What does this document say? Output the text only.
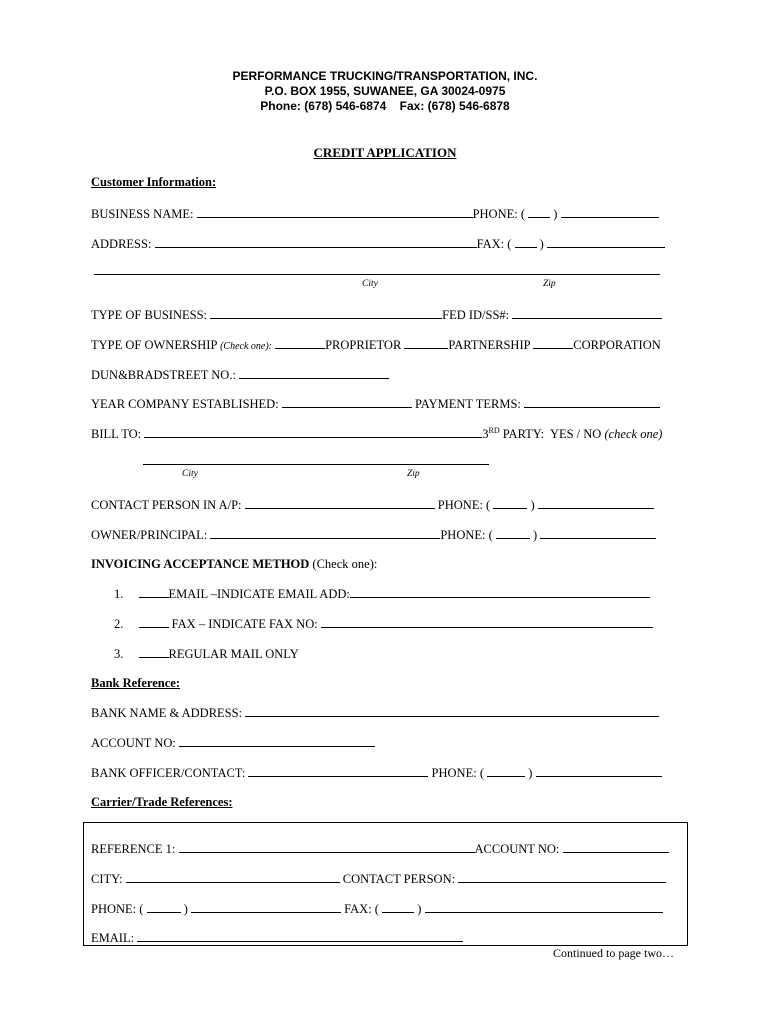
PERFORMANCE TRUCKING/TRANSPORTATION, INC.
P.O. BOX 1955, SUWANEE, GA 30024-0975
Phone: (678) 546-6874    Fax: (678) 546-6878
CREDIT APPLICATION
Customer Information:
BUSINESS NAME:	PHONE: ( )
ADDRESS:	FAX: ( )
City	Zip
TYPE OF BUSINESS:	FED ID/SS#:
TYPE OF OWNERSHIP (Check one):	PROPRIETOR	PARTNERSHIP	CORPORATION
DUN&BRADSTREET NO.:
YEAR COMPANY ESTABLISHED:	PAYMENT TERMS:
BILL TO:	3RD PARTY:  YES / NO (check one)
City	Zip
CONTACT PERSON IN A/P:	PHONE: (	)
OWNER/PRINCIPAL:	PHONE: (	)
INVOICING ACCEPTANCE METHOD (Check one):
1.	EMAIL –INDICATE EMAIL ADD:
2.	FAX – INDICATE FAX NO:
3.	REGULAR MAIL ONLY
Bank Reference:
BANK NAME & ADDRESS:
ACCOUNT NO:
BANK OFFICER/CONTACT:	PHONE: (	)
Carrier/Trade References:
REFERENCE 1:	ACCOUNT NO:
CITY:	CONTACT PERSON:
PHONE: (	)	FAX: (	)
EMAIL:
Continued to page two…
